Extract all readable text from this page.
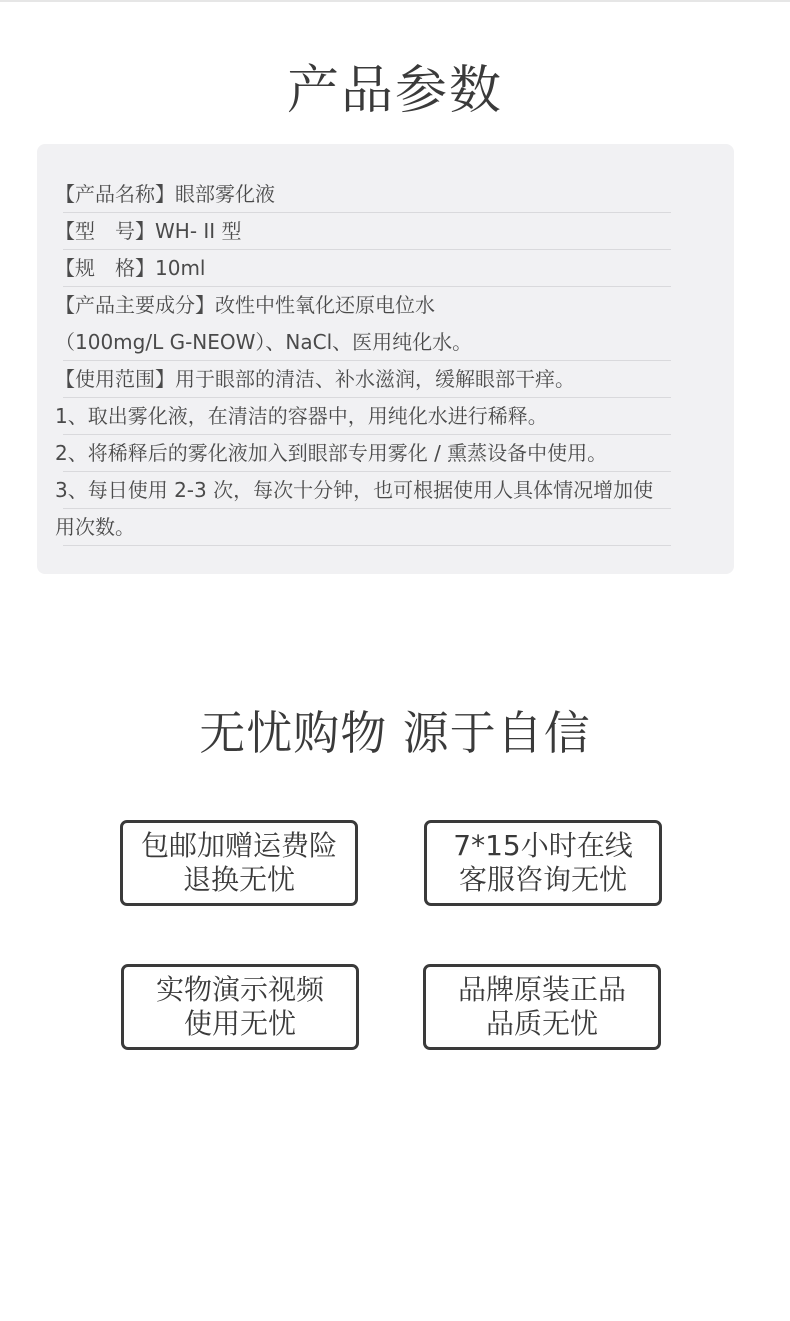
产品参数
【产品名称】眼部雾化液
【型　号】WH- II 型
【规　格】10ml
【产品主要成分】改性中性氧化还原电位水
（100mg/L G-NEOW）、NaCl、医用纯化水。
【使用范围】用于眼部的清洁、补水滋润，缓解眼部干痒。
1、取出雾化液，在清洁的容器中，用纯化水进行稀释。
2、将稀释后的雾化液加入到眼部专用雾化 / 熏蒸设备中使用。
3、每日使用 2-3 次，每次十分钟，也可根据使用人具体情况增加使
用次数。
无忧购物 源于自信
包邮加赠运费险
退换无忧
7*15小时在线
客服咨询无忧
实物演示视频
使用无忧
品牌原装正品
品质无忧
